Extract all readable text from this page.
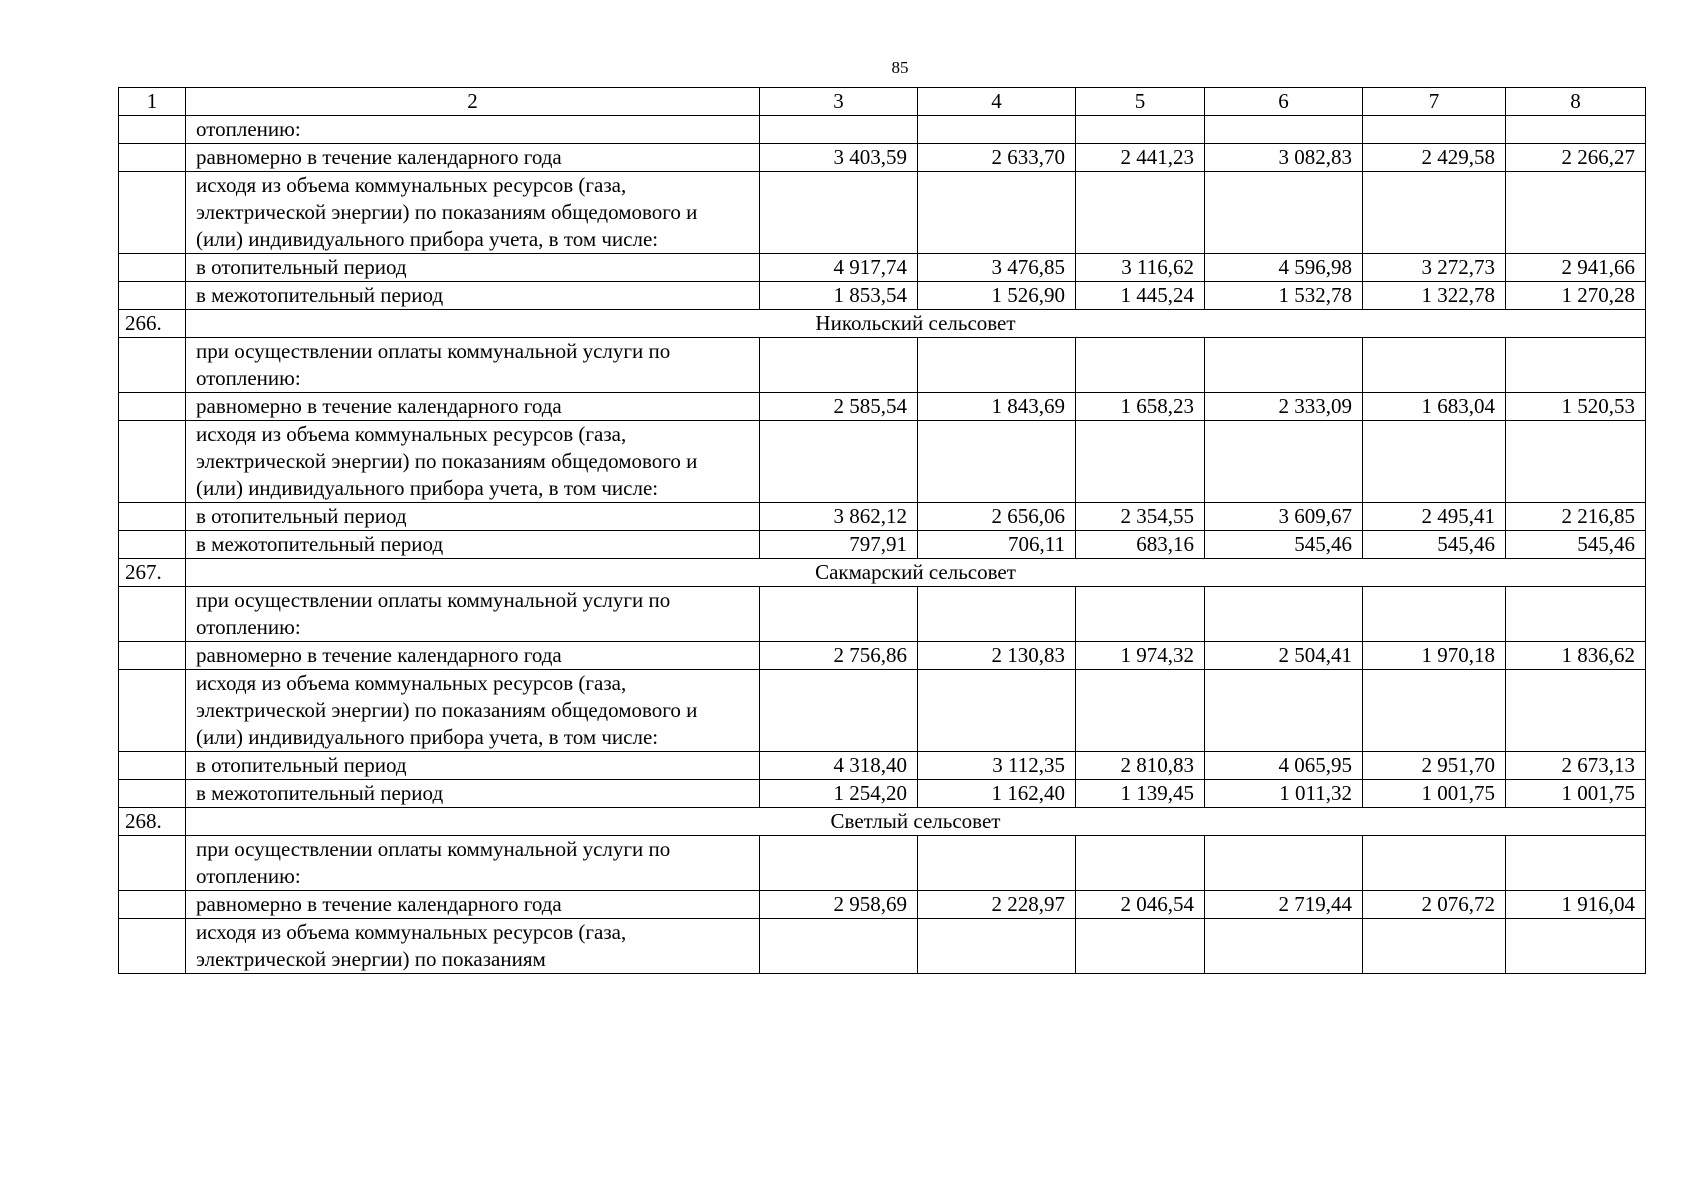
85
1	2	3	4	5	6	7	8
	отоплению:						
	равномерно в течение календарного года	3 403,59	2 633,70	2 441,23	3 082,83	2 429,58	2 266,27
	исходя из объема коммунальных ресурсов (газа, электрической энергии) по показаниям общедомового и (или) индивидуального прибора учета, в том числе:						
	в отопительный период	4 917,74	3 476,85	3 116,62	4 596,98	3 272,73	2 941,66
	в межотопительный период	1 853,54	1 526,90	1 445,24	1 532,78	1 322,78	1 270,28
266.	Никольский сельсовет						
	при осуществлении оплаты коммунальной услуги по отоплению:						
	равномерно в течение календарного года	2 585,54	1 843,69	1 658,23	2 333,09	1 683,04	1 520,53
	исходя из объема коммунальных ресурсов (газа, электрической энергии) по показаниям общедомового и (или) индивидуального прибора учета, в том числе:						
	в отопительный период	3 862,12	2 656,06	2 354,55	3 609,67	2 495,41	2 216,85
	в межотопительный период	797,91	706,11	683,16	545,46	545,46	545,46
267.	Сакмарский сельсовет						
	при осуществлении оплаты коммунальной услуги по отоплению:						
	равномерно в течение календарного года	2 756,86	2 130,83	1 974,32	2 504,41	1 970,18	1 836,62
	исходя из объема коммунальных ресурсов (газа, электрической энергии) по показаниям общедомового и (или) индивидуального прибора учета, в том числе:						
	в отопительный период	4 318,40	3 112,35	2 810,83	4 065,95	2 951,70	2 673,13
	в межотопительный период	1 254,20	1 162,40	1 139,45	1 011,32	1 001,75	1 001,75
268.	Светлый сельсовет						
	при осуществлении оплаты коммунальной услуги по отоплению:						
	равномерно в течение календарного года	2 958,69	2 228,97	2 046,54	2 719,44	2 076,72	1 916,04
	исходя из объема коммунальных ресурсов (газа, электрической энергии) по показаниям						
